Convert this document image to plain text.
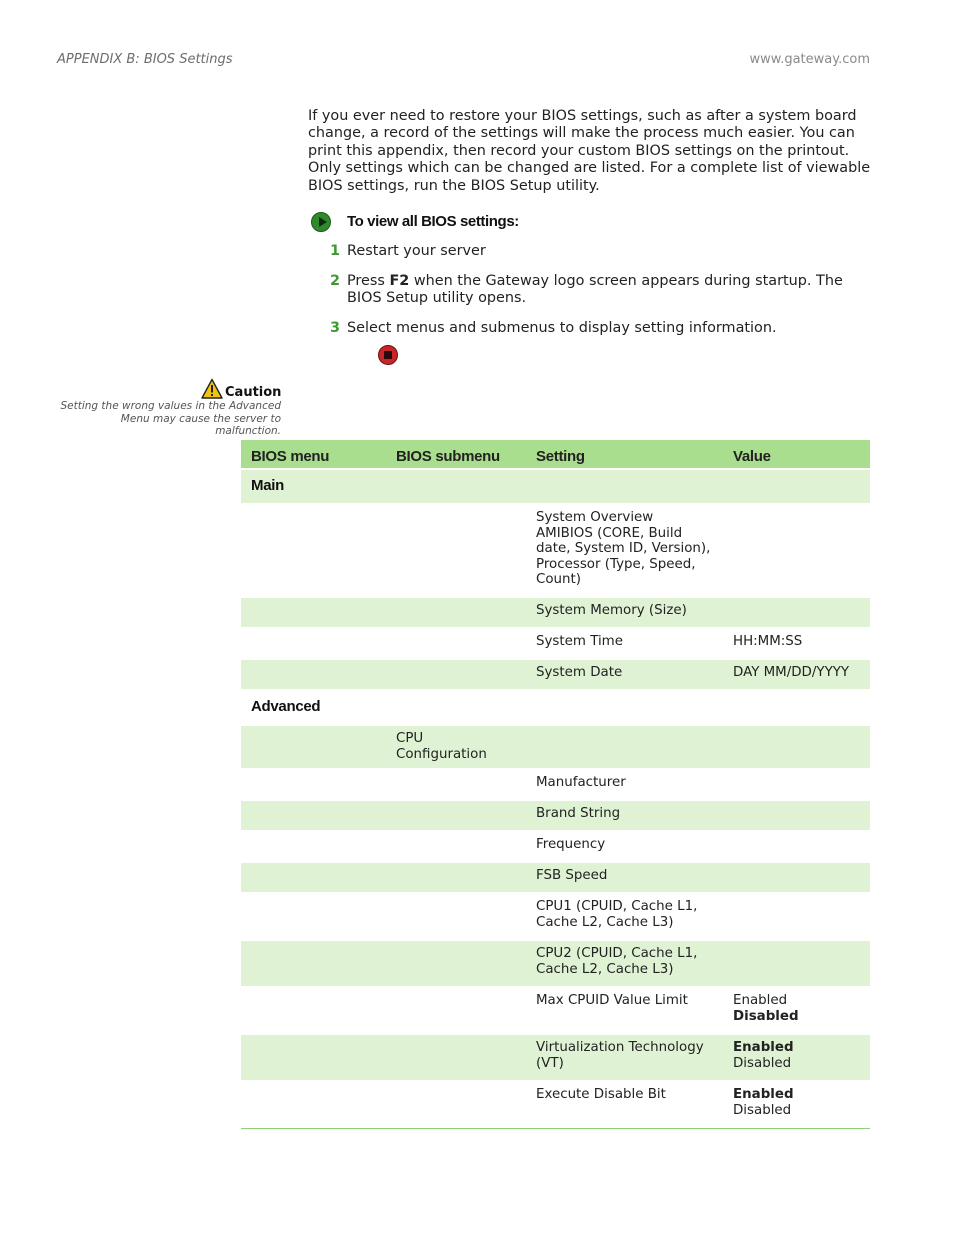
APPENDIX B: BIOS Settings	www.gateway.com
If you ever need to restore your BIOS settings, such as after a system board change, a record of the settings will make the process much easier. You can print this appendix, then record your custom BIOS settings on the printout. Only settings which can be changed are listed. For a complete list of viewable BIOS settings, run the BIOS Setup utility.
To view all BIOS settings:
1 Restart your server
2 Press F2 when the Gateway logo screen appears during startup. The BIOS Setup utility opens.
3 Select menus and submenus to display setting information.
Caution
Setting the wrong values in the Advanced Menu may cause the server to malfunction.
BIOS menu	BIOS submenu	Setting	Value
Main			
		System Overview AMIBIOS (CORE, Build date, System ID, Version), Processor (Type, Speed, Count)	
		System Memory (Size)	
		System Time	HH:MM:SS

		System Date	DAY MM/DD/YYYY

Advanced			
	CPU Configuration		
		Manufacturer	
		Brand String	
		Frequency	
		FSB Speed	
		CPU1 (CPUID, Cache L1, Cache L2, Cache L3)	
		CPU2 (CPUID, Cache L1, Cache L2, Cache L3)	
		Max CPUID Value Limit	Enabled
Disabled

		Virtualization Technology (VT)	Enabled
Disabled

		Execute Disable Bit	Enabled
Disabled
